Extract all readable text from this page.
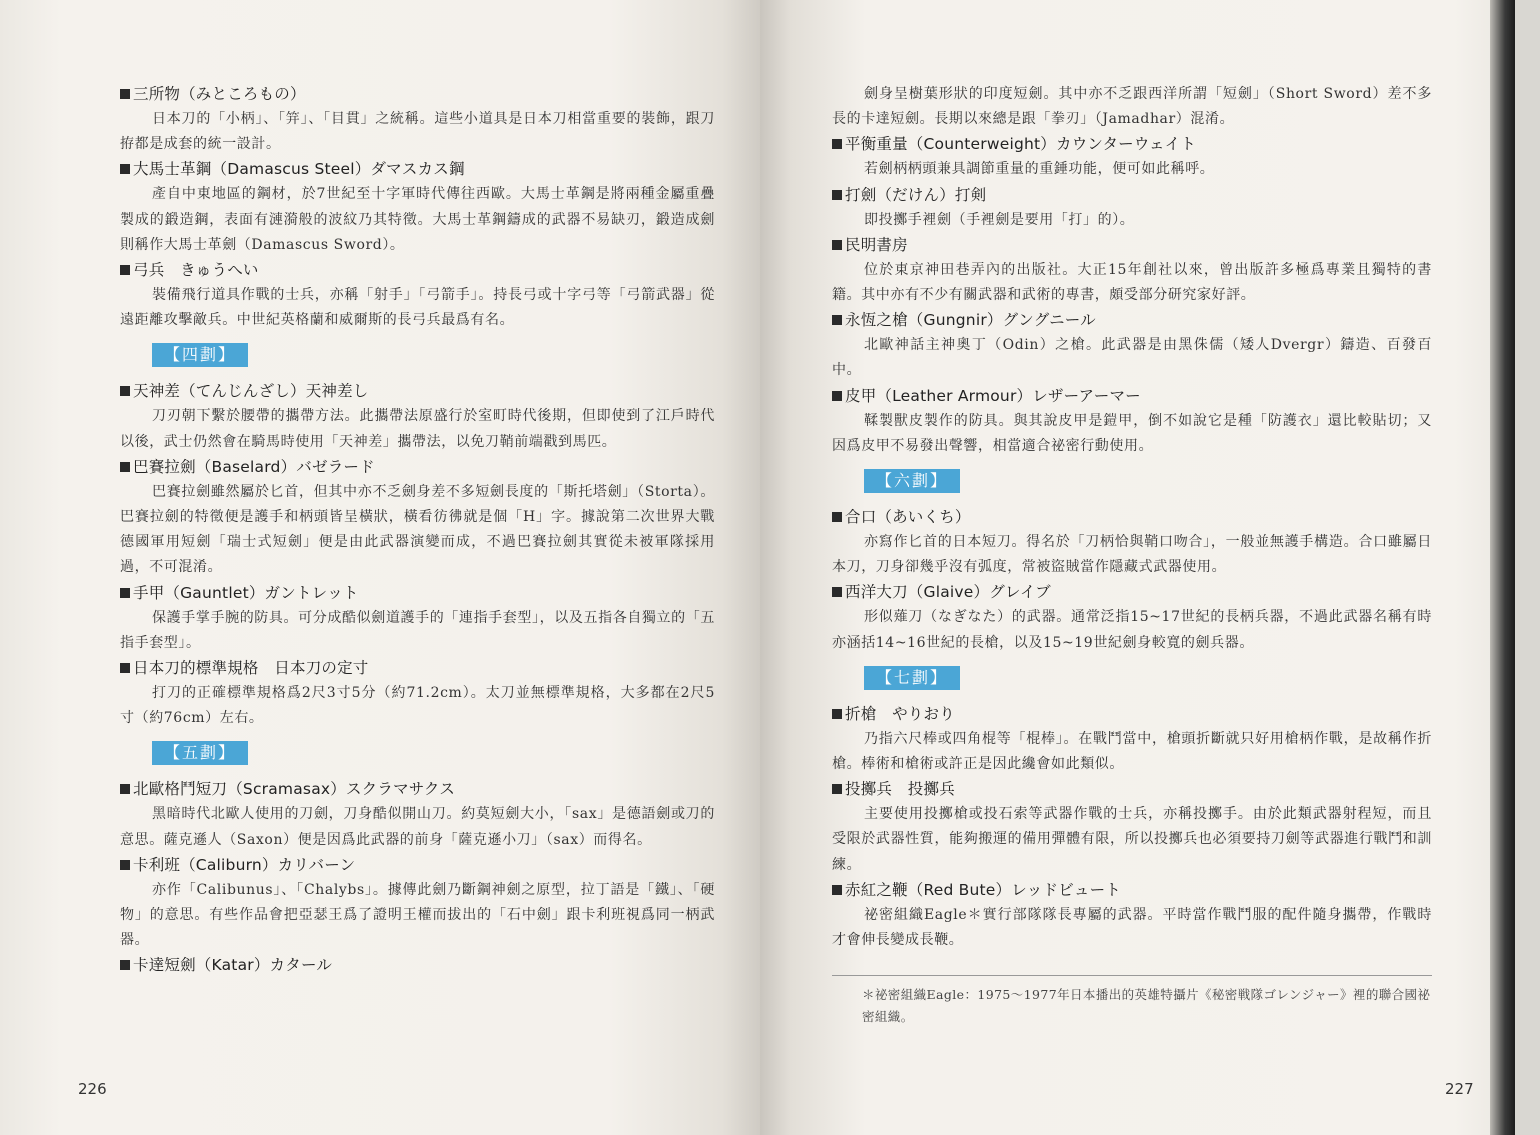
三所物（みところもの）
日本刀的「小柄」、「笄」、「目貫」之統稱。這些小道具是日本刀相當重要的裝飾，跟刀拵都是成套的統一設計。
大馬士革鋼（Damascus Steel）ダマスカス鋼
產自中東地區的鋼材，於7世紀至十字軍時代傳往西歐。大馬士革鋼是將兩種金屬重疊製成的鍛造鋼，表面有漣漪般的波紋乃其特徵。大馬士革鋼鑄成的武器不易缺刃，鍛造成劍則稱作大馬士革劍（Damascus Sword）。
弓兵　きゅうへい
裝備飛行道具作戰的士兵，亦稱「射手」「弓箭手」。持長弓或十字弓等「弓箭武器」從遠距離攻擊敵兵。中世紀英格蘭和威爾斯的長弓兵最爲有名。
【四劃】
天神差（てんじんざし）天神差し
刀刃朝下繫於腰帶的攜帶方法。此攜帶法原盛行於室町時代後期，但即使到了江戶時代以後，武士仍然會在騎馬時使用「天神差」攜帶法，以免刀鞘前端戳到馬匹。
巴賽拉劍（Baselard）バゼラード
巴賽拉劍雖然屬於匕首，但其中亦不乏劍身差不多短劍長度的「斯托塔劍」（Storta）。巴賽拉劍的特徵便是護手和柄頭皆呈橫狀，橫看彷彿就是個「H」字。據說第二次世界大戰德國軍用短劍「瑞士式短劍」便是由此武器演變而成，不過巴賽拉劍其實從未被軍隊採用過，不可混淆。
手甲（Gauntlet）ガントレット
保護手掌手腕的防具。可分成酷似劍道護手的「連指手套型」，以及五指各自獨立的「五指手套型」。
日本刀的標準規格　日本刀の定寸
打刀的正確標準規格爲2尺3寸5分（約71.2cm）。太刀並無標準規格，大多都在2尺5寸（約76cm）左右。
【五劃】
北歐格鬥短刀（Scramasax）スクラマサクス
黑暗時代北歐人使用的刀劍，刀身酷似開山刀。約莫短劍大小，「sax」是德語劍或刀的意思。薩克遜人（Saxon）便是因爲此武器的前身「薩克遜小刀」（sax）而得名。
卡利班（Caliburn）カリバーン
亦作「Calibunus」、「Chalybs」。據傳此劍乃斷鋼神劍之原型，拉丁語是「鐵」、「硬物」的意思。有些作品會把亞瑟王爲了證明王權而拔出的「石中劍」跟卡利班視爲同一柄武器。
卡達短劍（Katar）カタール
226
劍身呈樹葉形狀的印度短劍。其中亦不乏跟西洋所謂「短劍」（Short Sword）差不多長的卡達短劍。長期以來總是跟「拳刃」（Jamadhar）混淆。
平衡重量（Counterweight）カウンターウェイト
若劍柄柄頭兼具調節重量的重錘功能，便可如此稱呼。
打劍（だけん）打剣
即投擲手裡劍（手裡劍是要用「打」的）。
民明書房
位於東京神田巷弄內的出版社。大正15年創社以來，曾出版許多極爲專業且獨特的書籍。其中亦有不少有關武器和武術的專書，頗受部分研究家好評。
永恆之槍（Gungnir）グングニール
北歐神話主神奧丁（Odin）之槍。此武器是由黑侏儒（矮人Dvergr）鑄造、百發百中。
皮甲（Leather Armour）レザーアーマー
鞣製獸皮製作的防具。與其說皮甲是鎧甲，倒不如說它是種「防護衣」還比較貼切；又因爲皮甲不易發出聲響，相當適合祕密行動使用。
【六劃】
合口（あいくち）
亦寫作匕首的日本短刀。得名於「刀柄恰與鞘口吻合」，一般並無護手構造。合口雖屬日本刀，刀身卻幾乎沒有弧度，常被盜賊當作隱藏式武器使用。
西洋大刀（Glaive）グレイブ
形似薙刀（なぎなた）的武器。通常泛指15~17世紀的長柄兵器，不過此武器名稱有時亦涵括14~16世紀的長槍，以及15~19世紀劍身較寬的劍兵器。
【七劃】
折槍　やりおり
乃指六尺棒或四角棍等「棍棒」。在戰鬥當中，槍頭折斷就只好用槍柄作戰，是故稱作折槍。棒術和槍術或許正是因此纔會如此類似。
投擲兵　投擲兵
主要使用投擲槍或投石索等武器作戰的士兵，亦稱投擲手。由於此類武器射程短，而且受限於武器性質，能夠搬運的備用彈體有限，所以投擲兵也必須要持刀劍等武器進行戰鬥和訓練。
赤紅之鞭（Red Bute）レッドビュート
祕密組織Eagle＊實行部隊隊長專屬的武器。平時當作戰鬥服的配件隨身攜帶，作戰時才會伸長變成長鞭。
＊祕密組織Eagle：1975～1977年日本播出的英雄特攝片《秘密戦隊ゴレンジャー》裡的聯合國祕密組織。
227
